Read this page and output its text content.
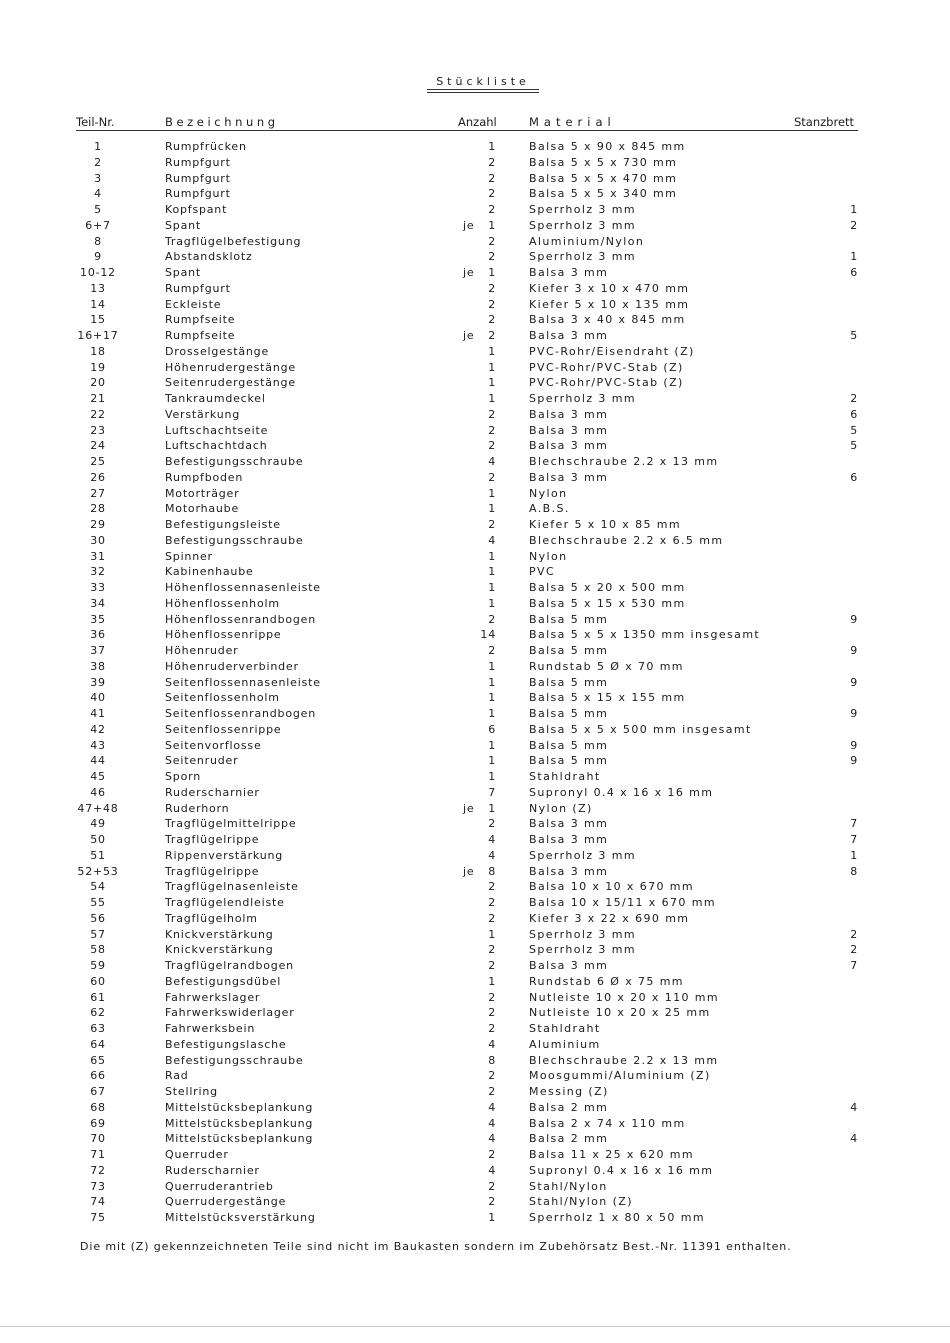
Stückliste
Teil-Nr.	Bezeichnung	Anzahl	Material	Stanzbrett
1	Rumpfrücken	1	Balsa 5 x 90 x 845 mm
2	Rumpfgurt	2	Balsa 5 x 5 x 730 mm
3	Rumpfgurt	2	Balsa 5 x 5 x 470 mm
4	Rumpfgurt	2	Balsa 5 x 5 x 340 mm
5	Kopfspant	2	Sperrholz 3 mm	1
6+7	Spant	je	1	Sperrholz 3 mm	2
8	Tragflügelbefestigung	2	Aluminium/Nylon
9	Abstandsklotz	2	Sperrholz 3 mm	1
10-12	Spant	je	1	Balsa 3 mm	6
13	Rumpfgurt	2	Kiefer 3 x 10 x 470 mm
14	Eckleiste	2	Kiefer 5 x 10 x 135 mm
15	Rumpfseite	2	Balsa 3 x 40 x 845 mm
16+17	Rumpfseite	je	2	Balsa 3 mm	5
18	Drosselgestänge	1	PVC-Rohr/Eisendraht (Z)
19	Höhenrudergestänge	1	PVC-Rohr/PVC-Stab (Z)
20	Seitenrudergestänge	1	PVC-Rohr/PVC-Stab (Z)
21	Tankraumdeckel	1	Sperrholz 3 mm	2
22	Verstärkung	2	Balsa 3 mm	6
23	Luftschachtseite	2	Balsa 3 mm	5
24	Luftschachtdach	2	Balsa 3 mm	5
25	Befestigungsschraube	4	Blechschraube 2.2 x 13 mm
26	Rumpfboden	2	Balsa 3 mm	6
27	Motorträger	1	Nylon
28	Motorhaube	1	A.B.S.
29	Befestigungsleiste	2	Kiefer 5 x 10 x 85 mm
30	Befestigungsschraube	4	Blechschraube 2.2 x 6.5 mm
31	Spinner	1	Nylon
32	Kabinenhaube	1	PVC
33	Höhenflossennasenleiste	1	Balsa 5 x 20 x 500 mm
34	Höhenflossenholm	1	Balsa 5 x 15 x 530 mm
35	Höhenflossenrandbogen	2	Balsa 5 mm	9
36	Höhenflossenrippe	14	Balsa 5 x 5 x 1350 mm insgesamt
37	Höhenruder	2	Balsa 5 mm	9
38	Höhenruderverbinder	1	Rundstab 5 Ø x 70 mm
39	Seitenflossennasenleiste	1	Balsa 5 mm	9
40	Seitenflossenholm	1	Balsa 5 x 15 x 155 mm
41	Seitenflossenrandbogen	1	Balsa 5 mm	9
42	Seitenflossenrippe	6	Balsa 5 x 5 x 500 mm insgesamt
43	Seitenvorflosse	1	Balsa 5 mm	9
44	Seitenruder	1	Balsa 5 mm	9
45	Sporn	1	Stahldraht
46	Ruderscharnier	7	Supronyl 0.4 x 16 x 16 mm
47+48	Ruderhorn	je	1	Nylon (Z)
49	Tragflügelmittelrippe	2	Balsa 3 mm	7
50	Tragflügelrippe	4	Balsa 3 mm	7
51	Rippenverstärkung	4	Sperrholz 3 mm	1
52+53	Tragflügelrippe	je	8	Balsa 3 mm	8
54	Tragflügelnasenleiste	2	Balsa 10 x 10 x 670 mm
55	Tragflügelendleiste	2	Balsa 10 x 15/11 x 670 mm
56	Tragflügelholm	2	Kiefer 3 x 22 x 690 mm
57	Knickverstärkung	1	Sperrholz 3 mm	2
58	Knickverstärkung	2	Sperrholz 3 mm	2
59	Tragflügelrandbogen	2	Balsa 3 mm	7
60	Befestigungsdübel	1	Rundstab 6 Ø x 75 mm
61	Fahrwerkslager	2	Nutleiste 10 x 20 x 110 mm
62	Fahrwerkswiderlager	2	Nutleiste 10 x 20 x 25 mm
63	Fahrwerksbein	2	Stahldraht
64	Befestigungslasche	4	Aluminium
65	Befestigungsschraube	8	Blechschraube 2.2 x 13 mm
66	Rad	2	Moosgummi/Aluminium (Z)
67	Stellring	2	Messing (Z)
68	Mittelstücksbeplankung	4	Balsa 2 mm	4
69	Mittelstücksbeplankung	4	Balsa 2 x 74 x 110 mm
70	Mittelstücksbeplankung	4	Balsa 2 mm	4
71	Querruder	2	Balsa 11 x 25 x 620 mm
72	Ruderscharnier	4	Supronyl 0.4 x 16 x 16 mm
73	Querruderantrieb	2	Stahl/Nylon
74	Querrudergestänge	2	Stahl/Nylon (Z)
75	Mittelstücksverstärkung	1	Sperrholz 1 x 80 x 50 mm
Die mit (Z) gekennzeichneten Teile sind nicht im Baukasten sondern im Zubehörsatz Best.-Nr. 11391 enthalten.
